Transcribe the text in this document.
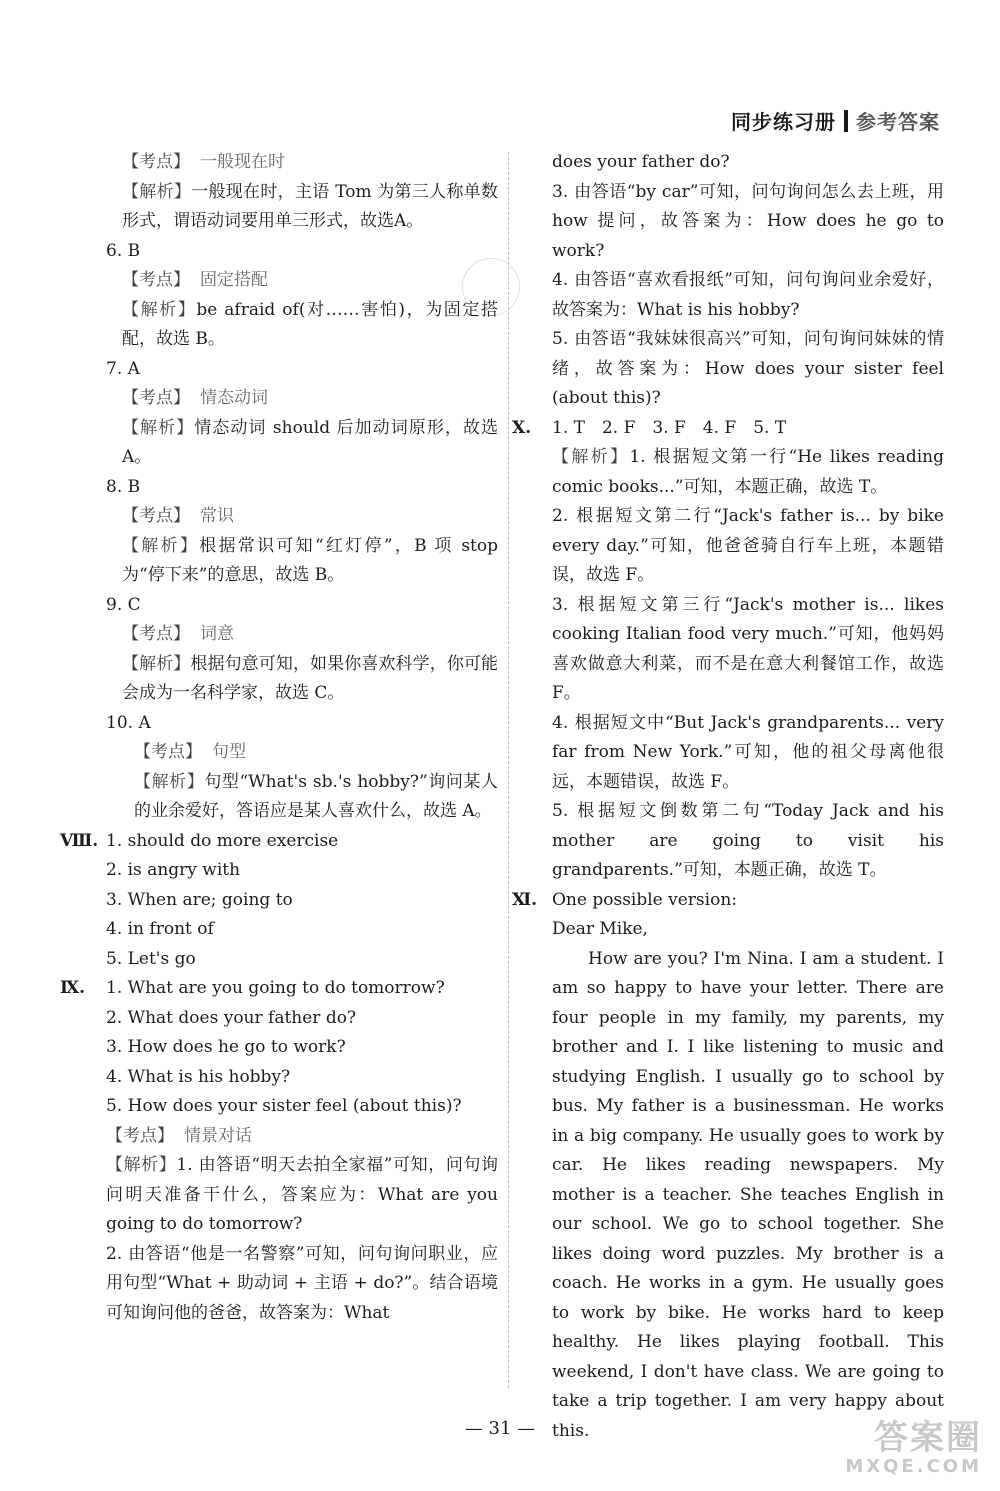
同步练习册 参考答案

【考点】 一般现在时

【解析】一般现在时，主语 Tom 为第三人称单数形式，谓语动词要用单三形式，故选A。

6. B

【考点】 固定搭配

【解析】be afraid of(对……害怕)，为固定搭配，故选 B。

7. A

【考点】 情态动词

【解析】情态动词 should 后加动词原形，故选 A。

8. B

【考点】 常识

【解析】根据常识可知“红灯停”，B 项 stop 为“停下来”的意思，故选 B。

9. C

【考点】 词意

【解析】根据句意可知，如果你喜欢科学，你可能会成为一名科学家，故选 C。

10. A

【考点】 句型

【解析】句型“What's sb.'s hobby?”询问某人的业余爱好，答语应是某人喜欢什么，故选 A。

Ⅷ. 1. should do more exercise

2. is angry with

3. When are; going to

4. in front of

5. Let's go

Ⅸ. 1. What are you going to do tomorrow?

2. What does your father do?

3. How does he go to work?

4. What is his hobby?

5. How does your sister feel (about this)?

【考点】 情景对话

【解析】1. 由答语“明天去拍全家福”可知，问句询问明天准备干什么，答案应为：What are you going to do tomorrow?

2. 由答语“他是一名警察”可知，问句询问职业，应用句型“What + 助动词 + 主语 + do?”。结合语境可知询问他的爸爸，故答案为：What

does your father do?

3. 由答语“by car”可知，问句询问怎么去上班，用 how 提问，故答案为：How does he go to work?

4. 由答语“喜欢看报纸”可知，问句询问业余爱好，故答案为：What is his hobby?

5. 由答语“我妹妹很高兴”可知，问句询问妹妹的情绪，故答案为：How does your sister feel (about this)?

Ⅹ. 1. T　2. F　3. F　4. F　5. T

【解析】1. 根据短文第一行“He likes reading comic books...”可知，本题正确，故选 T。

2. 根据短文第二行“Jack's father is... by bike every day.”可知，他爸爸骑自行车上班，本题错误，故选 F。

3. 根据短文第三行“Jack's mother is... likes cooking Italian food very much.”可知，他妈妈喜欢做意大利菜，而不是在意大利餐馆工作，故选 F。

4. 根据短文中“But Jack's grandparents... very far from New York.”可知，他的祖父母离他很远，本题错误，故选 F。

5. 根据短文倒数第二句“Today Jack and his mother are going to visit his grandparents.”可知，本题正确，故选 T。

Ⅺ. One possible version:

Dear Mike,

How are you? I'm Nina. I am a student. I am so happy to have your letter. There are four people in my family, my parents, my brother and I. I like listening to music and studying English. I usually go to school by bus. My father is a businessman. He works in a big company. He usually goes to work by car. He likes reading newspapers. My mother is a teacher. She teaches English in our school. We go to school together. She likes doing word puzzles. My brother is a coach. He works in a gym. He usually goes to work by bike. He works hard to keep healthy. He likes playing football. This weekend, I don't have class. We are going to take a trip together. I am very happy about this.

— 31 —	答案圈
MXQE.COM
